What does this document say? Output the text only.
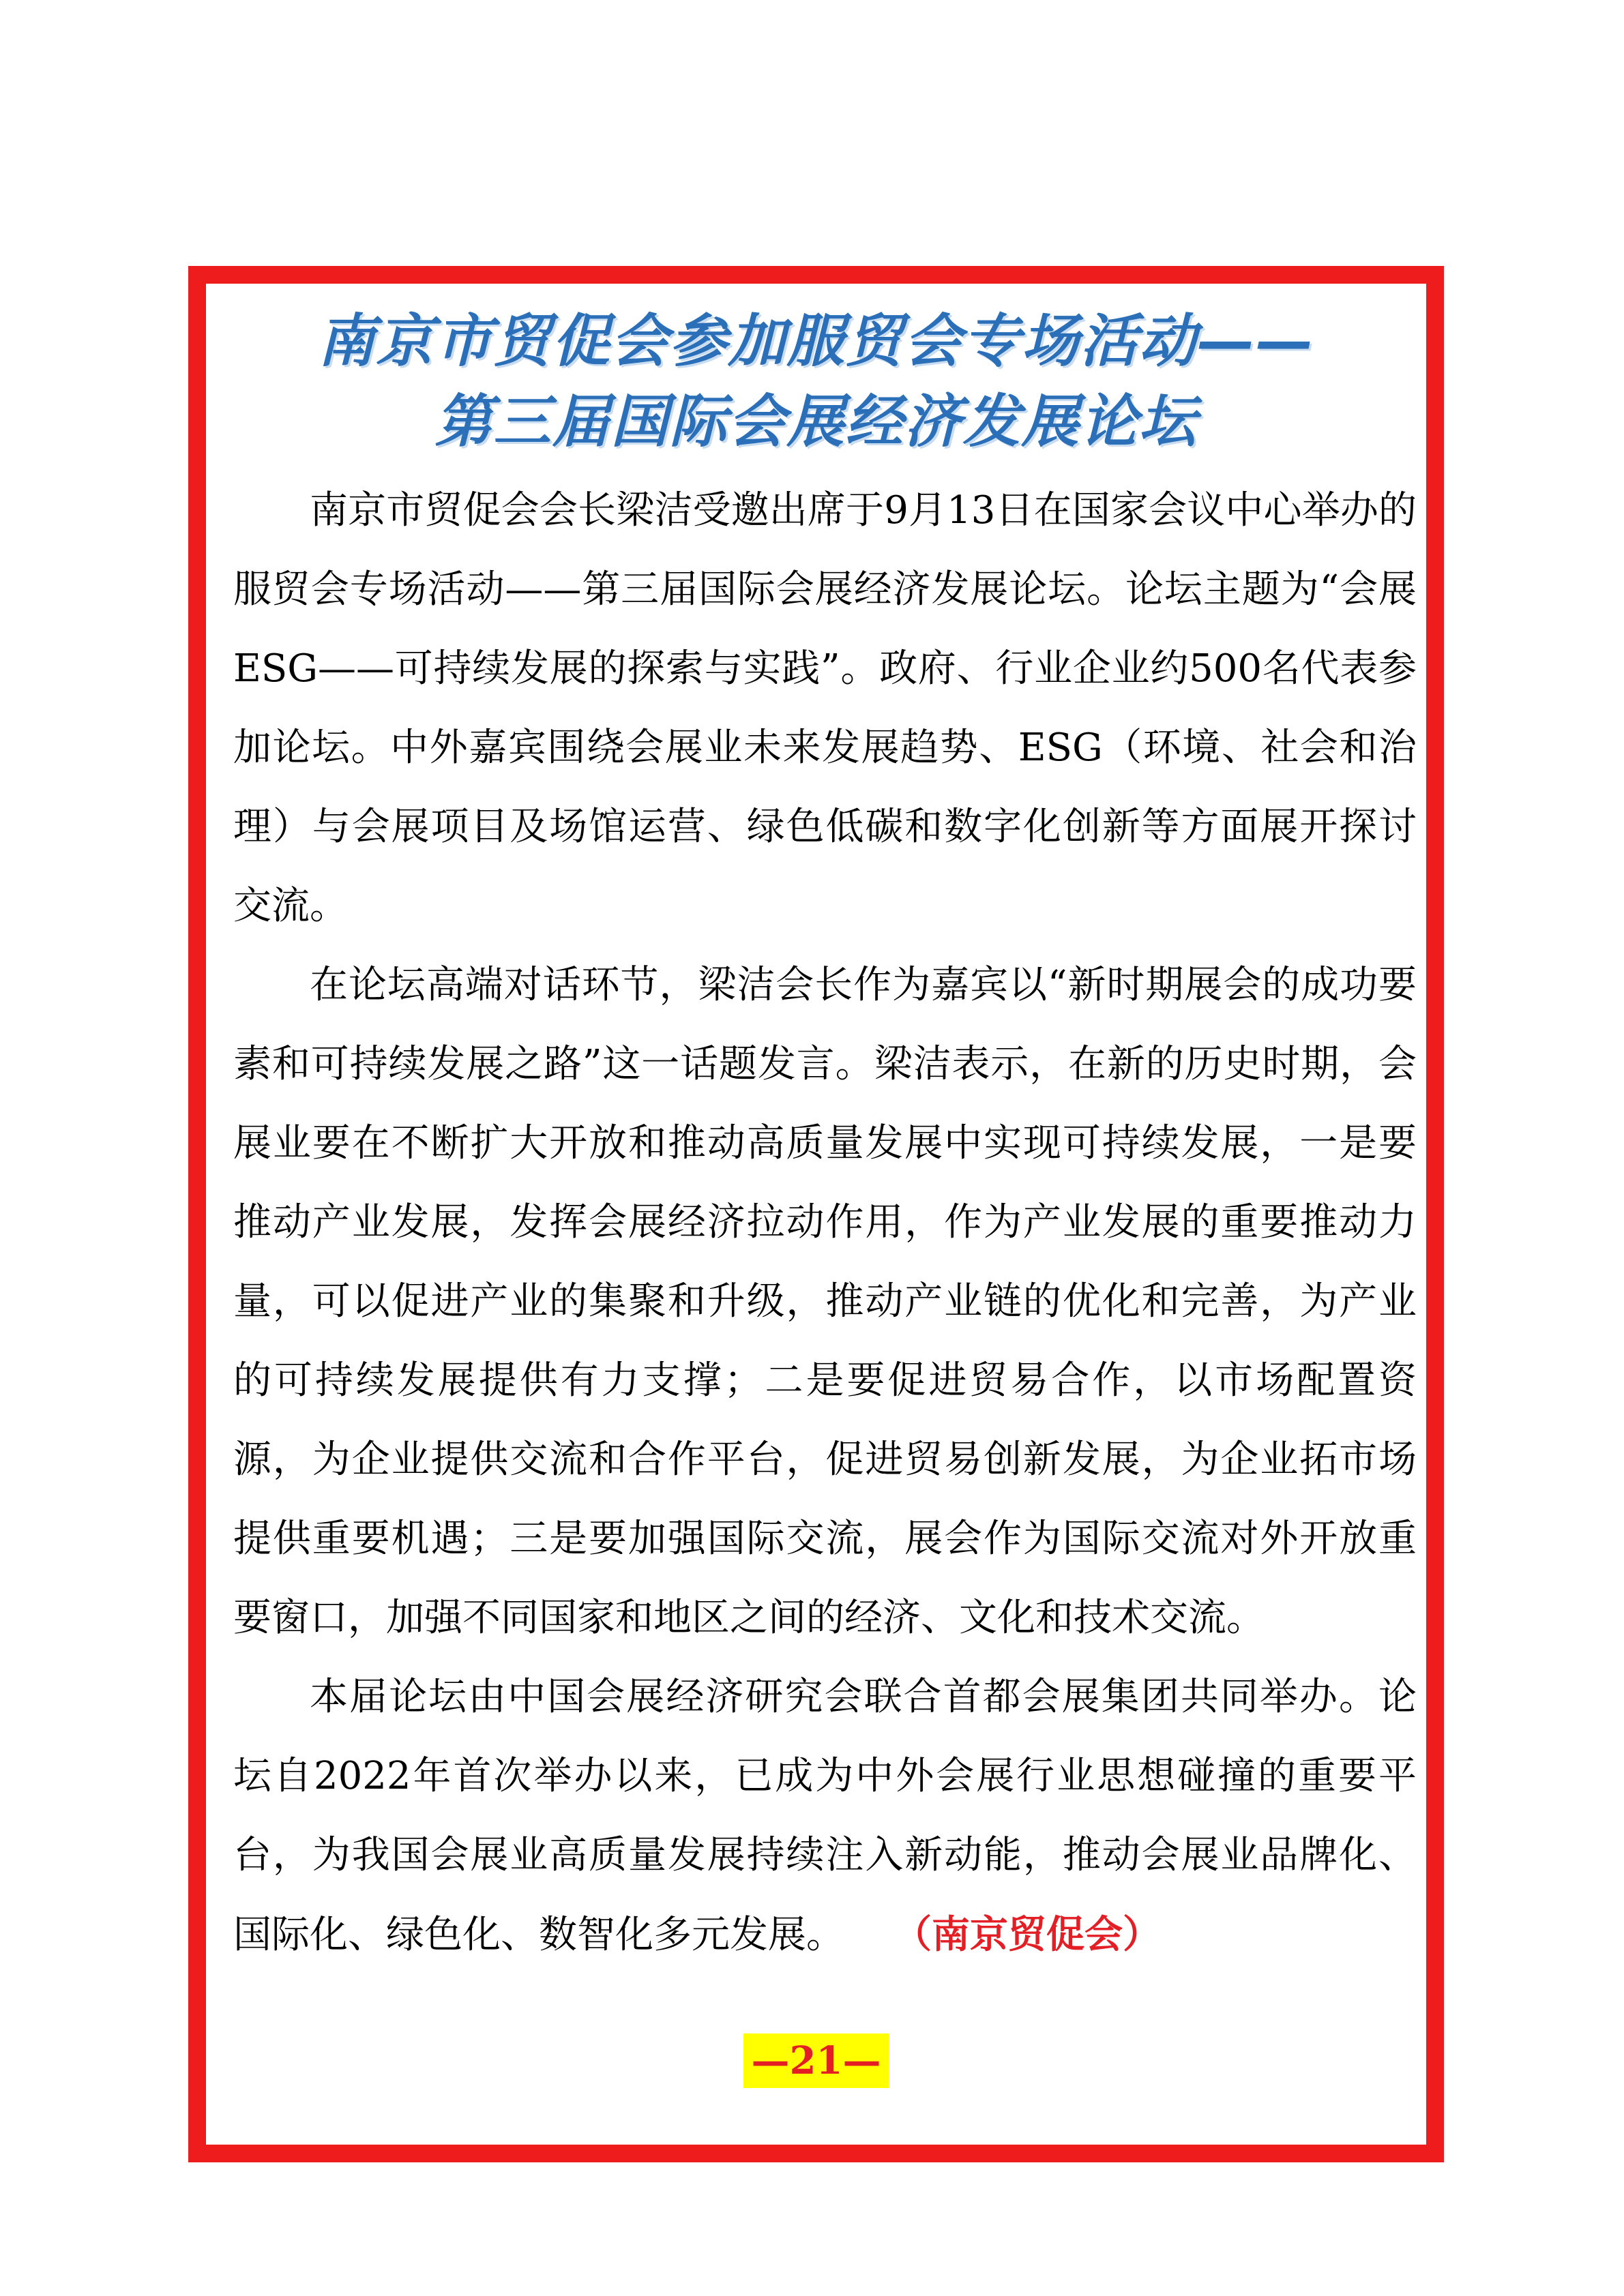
南京市贸促会参加服贸会专场活动——
第三届国际会展经济发展论坛

南京市贸促会会长梁洁受邀出席于9月13日在国家会议中心举办的服贸会专场活动——第三届国际会展经济发展论坛。论坛主题为“会展ESG——可持续发展的探索与实践”。政府、行业企业约500名代表参加论坛。中外嘉宾围绕会展业未来发展趋势、ESG（环境、社会和治理）与会展项目及场馆运营、绿色低碳和数字化创新等方面展开探讨交流。

在论坛高端对话环节，梁洁会长作为嘉宾以“新时期展会的成功要素和可持续发展之路”这一话题发言。梁洁表示，在新的历史时期，会展业要在不断扩大开放和推动高质量发展中实现可持续发展，一是要推动产业发展，发挥会展经济拉动作用，作为产业发展的重要推动力量，可以促进产业的集聚和升级，推动产业链的优化和完善，为产业的可持续发展提供有力支撑；二是要促进贸易合作，以市场配置资源，为企业提供交流和合作平台，促进贸易创新发展，为企业拓市场提供重要机遇；三是要加强国际交流，展会作为国际交流对外开放重要窗口，加强不同国家和地区之间的经济、文化和技术交流。

本届论坛由中国会展经济研究会联合首都会展集团共同举办。论坛自2022年首次举办以来，已成为中外会展行业思想碰撞的重要平台，为我国会展业高质量发展持续注入新动能，推动会展业品牌化、国际化、绿色化、数智化多元发展。 （南京贸促会）

—21—
